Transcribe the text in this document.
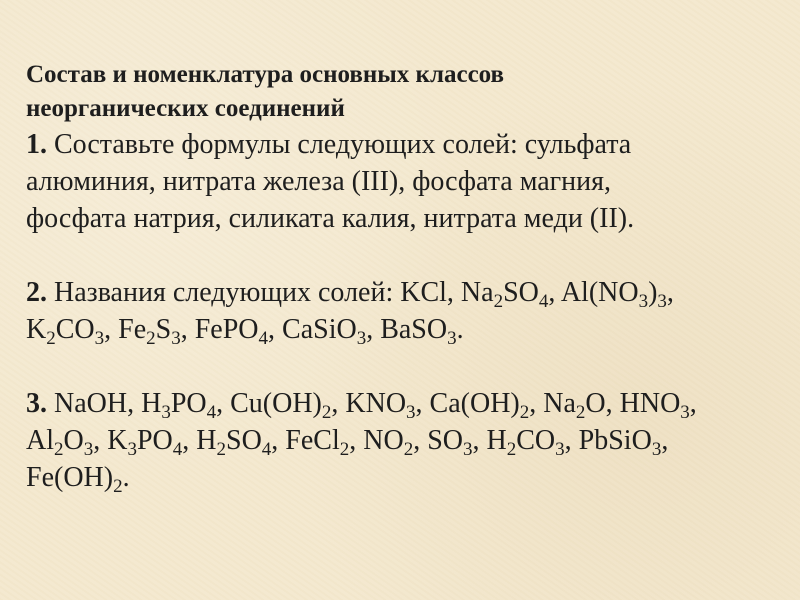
Состав и номенклатура основных классов
неорганических соединений

1. Составьте формулы следующих солей: сульфата

алюминия, нитрата железа (III), фосфата магния,

фосфата натрия, силиката калия, нитрата меди (II).

2. Названия следующих солей: KCl, $Na_2SO_4$, $Al(NO_3)_3$,

$K_2CO_3$, $Fe_2S_3$, FePO$_4$, CaSiO$_3$, BaSO$_3$.

3. NaOH, $H_3PO_4$, $Cu(OH)_2$, $KNO_3$, $Ca(OH)_2$, $Na_2O$, $HNO_3$,

$Al_2O_3$, $K_3PO_4$, $H_2SO_4$, FeCl$_2$, $NO_2$, $SO_3$, $H_2CO_3$, PbSiO$_3$,

$Fe(OH)_2$.
